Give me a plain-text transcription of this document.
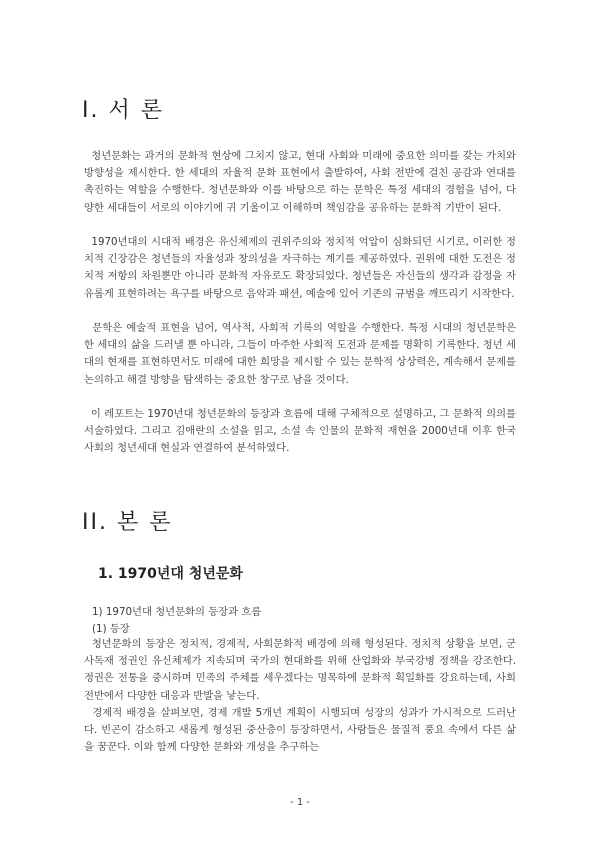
I. 서 론

청년문화는 과거의 문화적 현상에 그치지 않고, 현대 사회와 미래에 중요한 의미를 갖는 가치와 방향성을 제시한다. 한 세대의 자율적 문화 표현에서 출발하여, 사회 전반에 걸친 공감과 연대를 촉진하는 역할을 수행한다. 청년문화와 이를 바탕으로 하는 문학은 특정 세대의 경험을 넘어, 다양한 세대들이 서로의 이야기에 귀 기울이고 이해하며 책임감을 공유하는 문화적 기반이 된다.

1970년대의 시대적 배경은 유신체제의 권위주의와 정치적 억압이 심화되던 시기로, 이러한 정치적 긴장감은 청년들의 자율성과 창의성을 자극하는 계기를 제공하였다. 권위에 대한 도전은 정치적 저항의 차원뿐만 아니라 문화적 자유로도 확장되었다. 청년들은 자신들의 생각과 감정을 자유롭게 표현하려는 욕구를 바탕으로 음악과 패션, 예술에 있어 기존의 규범을 깨뜨리기 시작한다.

문학은 예술적 표현을 넘어, 역사적, 사회적 기록의 역할을 수행한다. 특정 시대의 청년문학은 한 세대의 삶을 드러낼 뿐 아니라, 그들이 마주한 사회적 도전과 문제를 명확히 기록한다. 청년 세대의 현재를 표현하면서도 미래에 대한 희망을 제시할 수 있는 문학적 상상력은, 계속해서 문제를 논의하고 해결 방향을 탐색하는 중요한 창구로 남을 것이다.

이 레포트는 1970년대 청년문화의 등장과 흐름에 대해 구체적으로 설명하고, 그 문화적 의의를 서술하였다. 그리고 김애란의 소설을 읽고, 소설 속 인물의 문화적 재현을 2000년대 이후 한국 사회의 청년세대 현실과 연결하여 분석하였다.

II. 본 론
1. 1970년대 청년문화

1) 1970년대 청년문화의 등장과 흐름

(1) 등장

청년문화의 등장은 정치적, 경제적, 사회문화적 배경에 의해 형성된다. 정치적 상황을 보면, 군사독재 정권인 유신체제가 지속되며 국가의 현대화를 위해 산업화와 부국강병 정책을 강조한다. 정권은 전통을 중시하며 민족의 주체를 세우겠다는 명목하에 문화적 획일화를 강요하는데, 사회 전반에서 다양한 대응과 반발을 낳는다.

경제적 배경을 살펴보면, 경제 개발 5개년 계획이 시행되며 성장의 성과가 가시적으로 드러난다. 빈곤이 감소하고 새롭게 형성된 중산층이 등장하면서, 사람들은 물질적 풍요 속에서 다른 삶을 꿈꾼다. 이와 함께 다양한 문화와 개성을 추구하는

- 1 -
